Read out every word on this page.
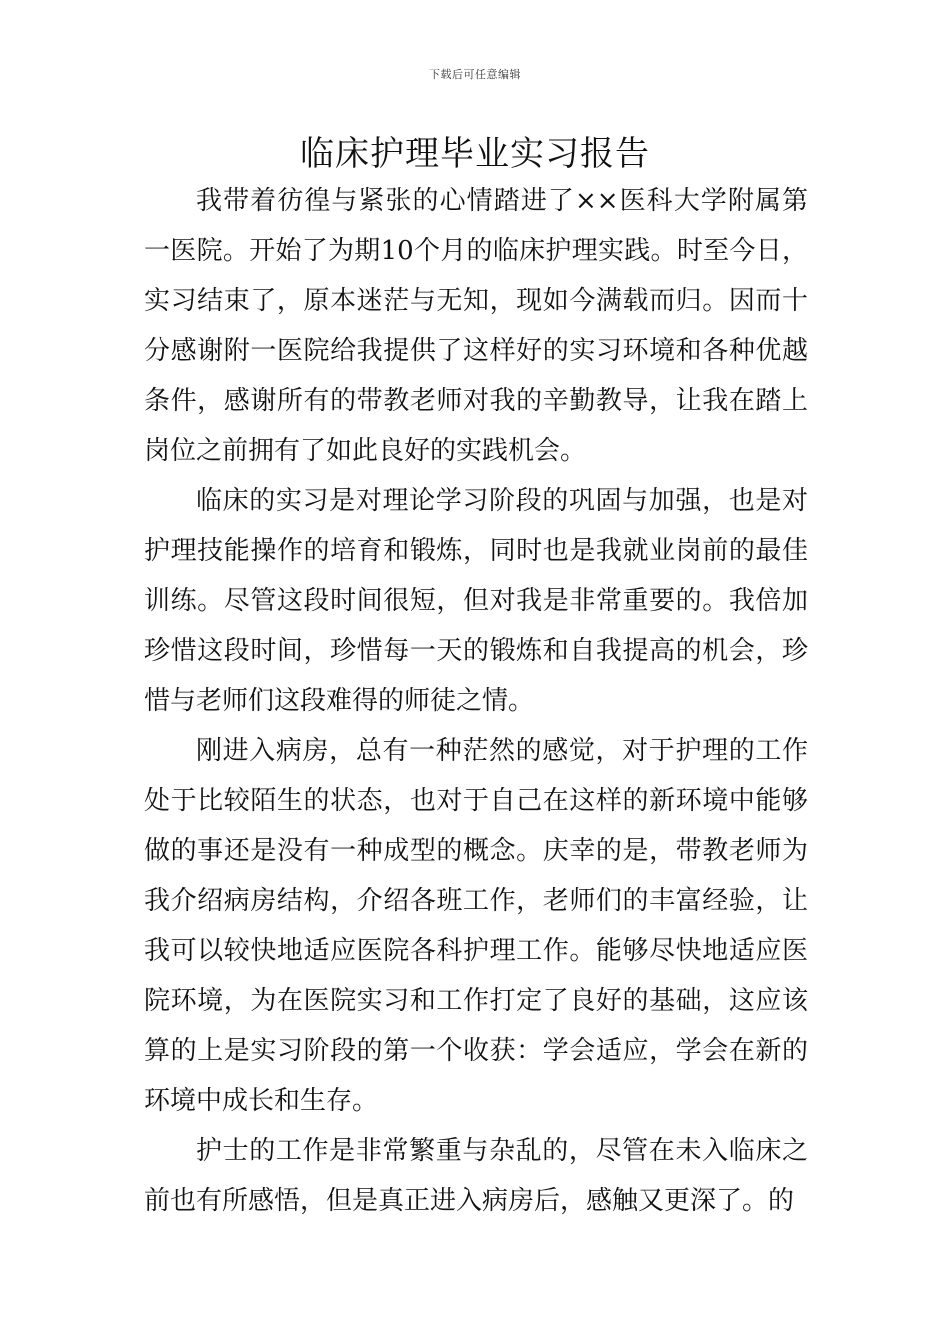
下载后可任意编辑
临床护理毕业实习报告

我带着彷徨与紧张的心情踏进了××医科大学附属第一医院。开始了为期10个月的临床护理实践。时至今日，实习结束了，原本迷茫与无知，现如今满载而归。因而十分感谢附一医院给我提供了这样好的实习环境和各种优越条件，感谢所有的带教老师对我的辛勤教导，让我在踏上岗位之前拥有了如此良好的实践机会。

临床的实习是对理论学习阶段的巩固与加强，也是对护理技能操作的培育和锻炼，同时也是我就业岗前的最佳训练。尽管这段时间很短，但对我是非常重要的。我倍加珍惜这段时间，珍惜每一天的锻炼和自我提高的机会，珍惜与老师们这段难得的师徒之情。

刚进入病房，总有一种茫然的感觉，对于护理的工作处于比较陌生的状态，也对于自己在这样的新环境中能够做的事还是没有一种成型的概念。庆幸的是，带教老师为我介绍病房结构，介绍各班工作，老师们的丰富经验，让我可以较快地适应医院各科护理工作。能够尽快地适应医院环境，为在医院实习和工作打定了良好的基础，这应该算的上是实习阶段的第一个收获：学会适应，学会在新的环境中成长和生存。

护士的工作是非常繁重与杂乱的，尽管在未入临床之前也有所感悟，但是真正进入病房后，感触又更深了。的
